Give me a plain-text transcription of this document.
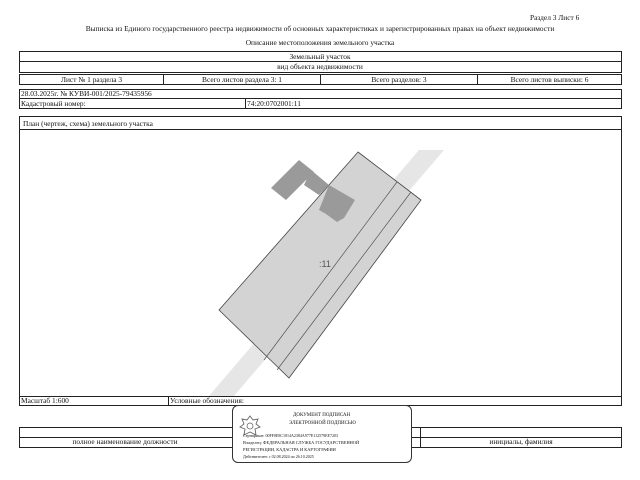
Раздел 3 Лист 6
Выписка из Единого государственного реестра недвижимости об основных характеристиках и зарегистрированных правах на объект недвижимости
Описание местоположения земельного участка
Земельный участок
вид объекта недвижимости
Лист № 1 раздела 3	Всего листов раздела 3: 1	Всего разделов: 3	Всего листов выписки: 6
28.03.2025г. № КУВИ-001/2025-79435956
Кадастровый номер:	74:20:0702001:11
План (чертеж, схема) земельного участка
:11
Масштаб 1:600	Условные обозначения:
полное наименование должности	инициалы, фамилия
ДОКУМЕНТ ПОДПИСАН
ЭЛЕКТРОННОЙ ПОДПИСЬЮ
Сертификат: 00FF0E8C1814A2384A977E112579EE7203
Владелец: ФЕДЕРАЛЬНАЯ СЛУЖБА ГОСУДАРСТВЕННОЙ
РЕГИСТРАЦИИ, КАДАСТРА И КАРТОГРАФИИ
Действителен: с 02.08.2024 по 26.10.2025
